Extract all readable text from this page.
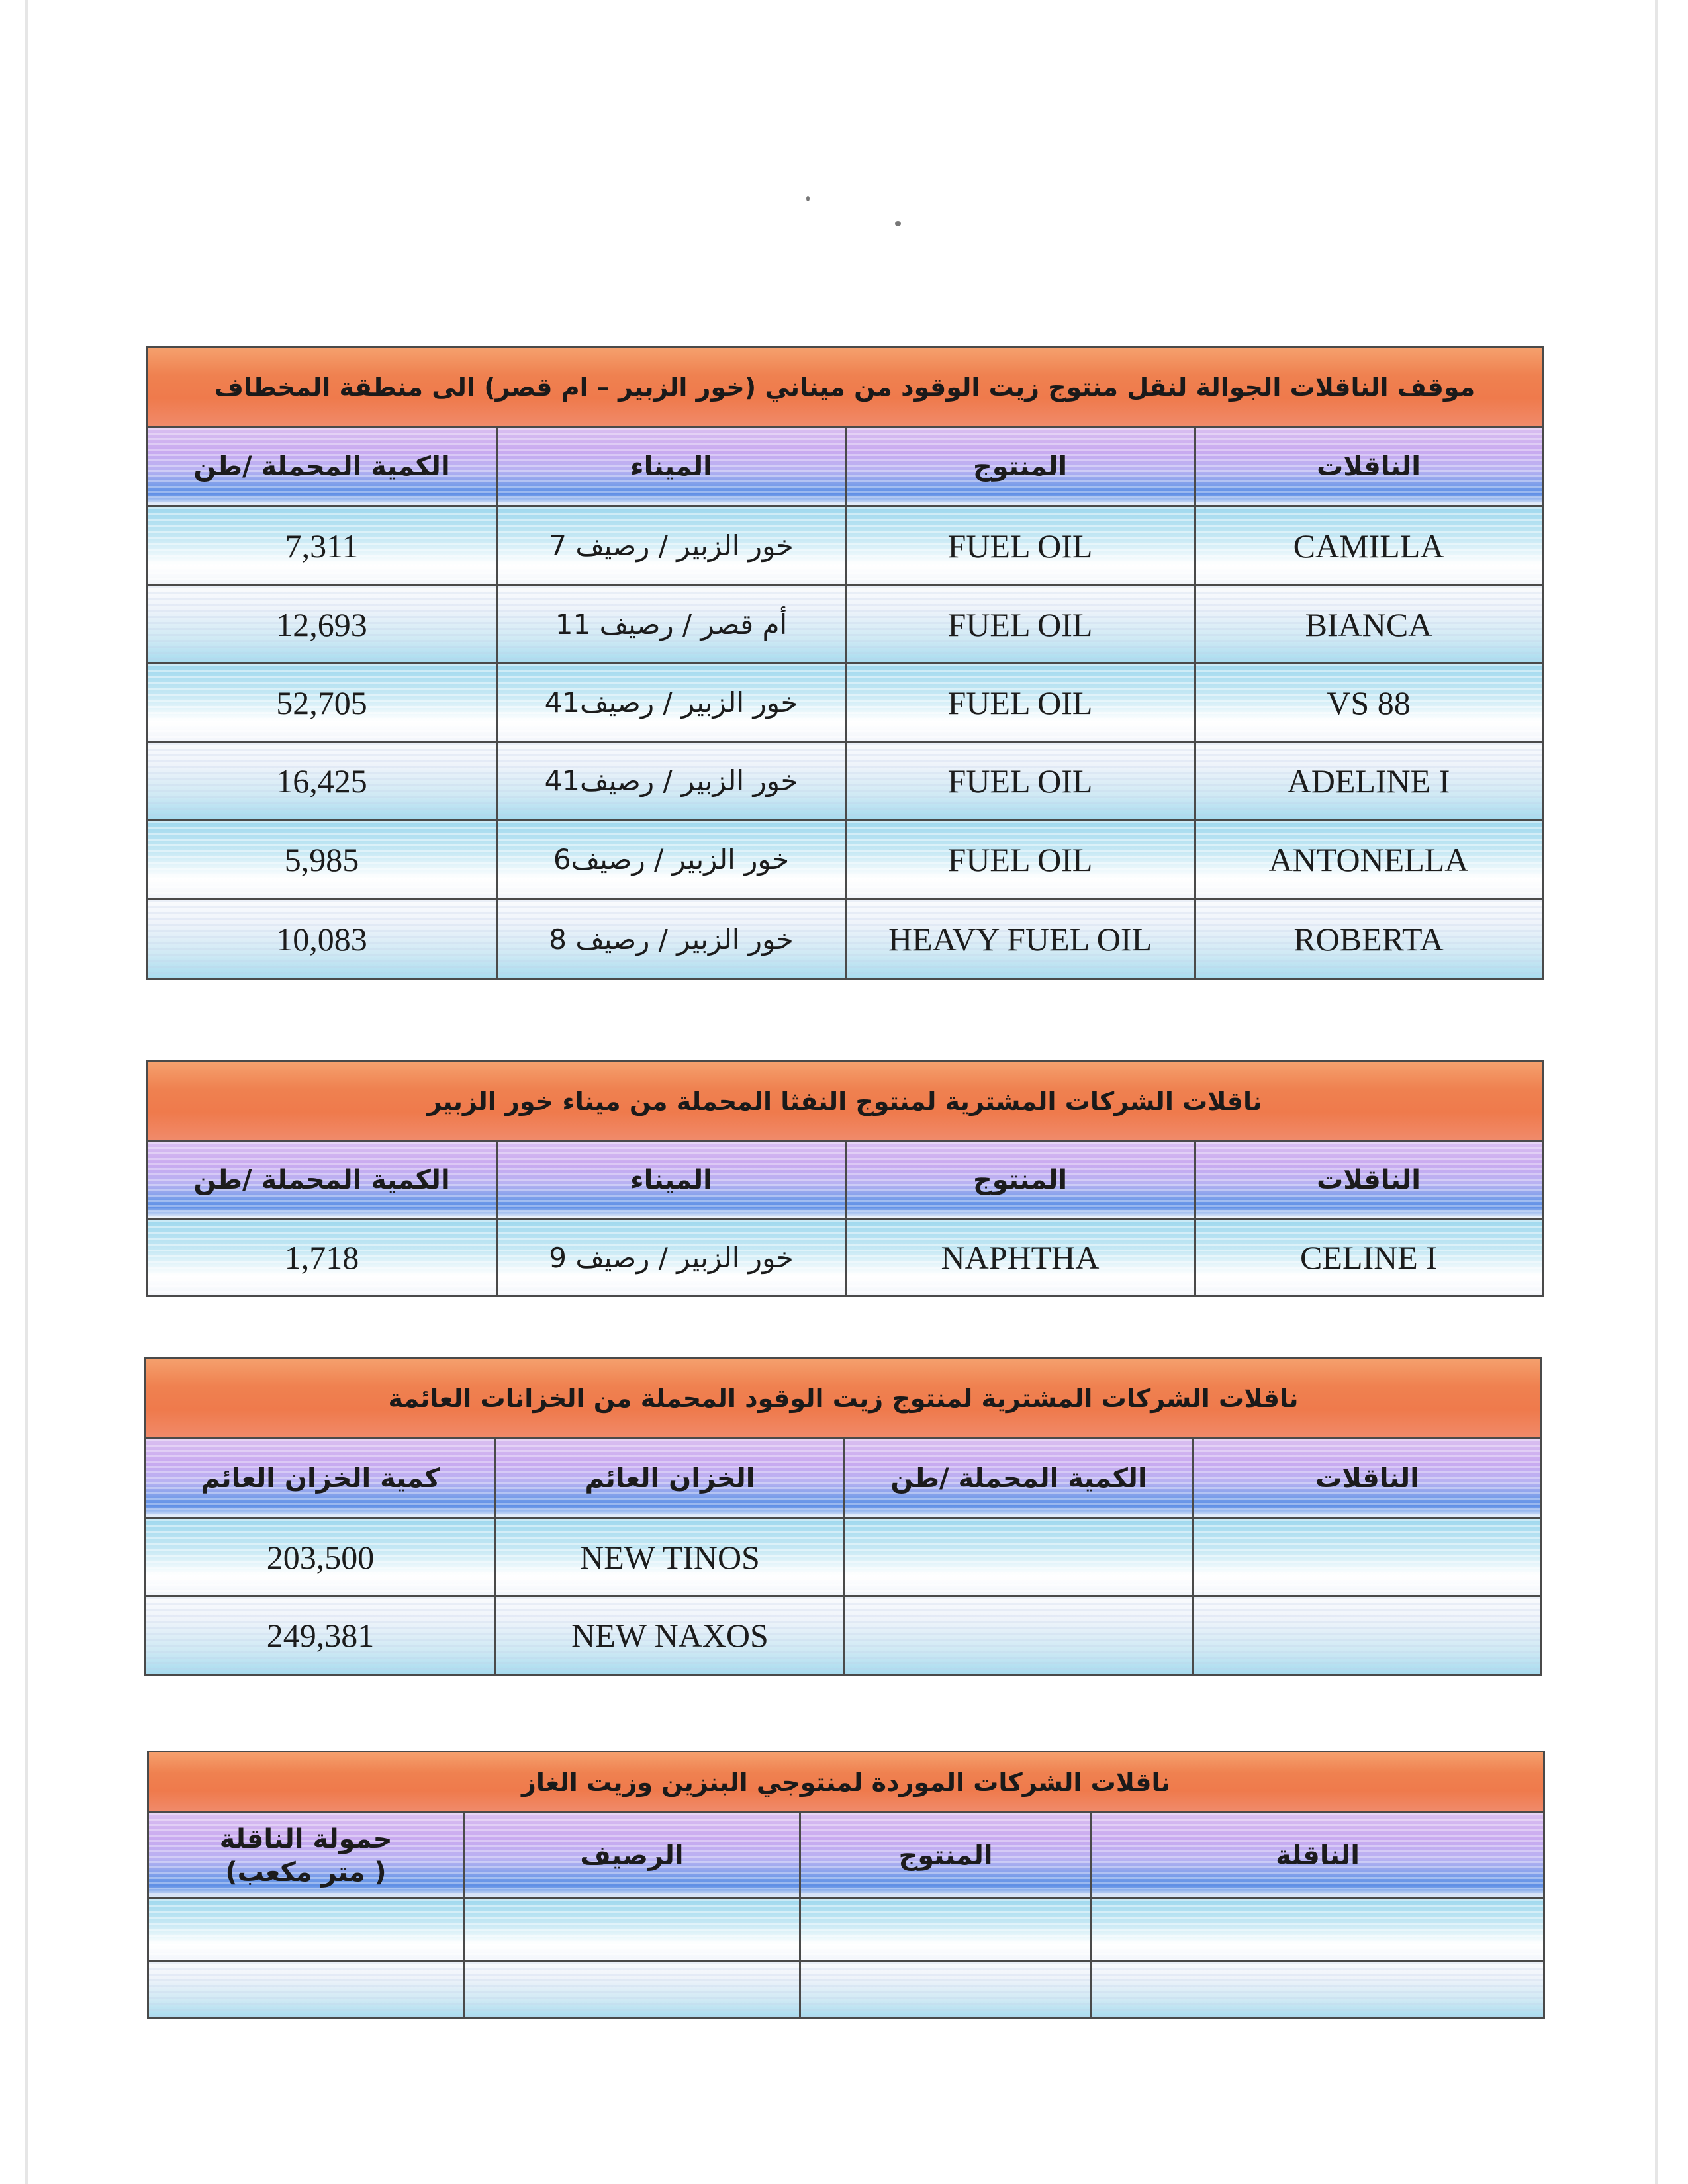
موقف الناقلات الجوالة لنقل منتوج زيت الوقود من ميناني (خور الزبير – ام قصر) الى منطقة المخطاف
الناقلات
المنتوج
الميناء
الكمية المحملة /طن
CAMILLA
FUEL OIL
خور الزبير / رصيف 7
7,311
BIANCA
FUEL OIL
أم قصر / رصيف 11
12,693
VS 88
FUEL OIL
خور الزبير / رصيف41
52,705
ADELINE I
FUEL OIL
خور الزبير / رصيف41
16,425
ANTONELLA
FUEL OIL
خور الزبير / رصيف6
5,985
ROBERTA
HEAVY FUEL OIL
خور الزبير / رصيف 8
10,083
ناقلات الشركات المشترية لمنتوج النفثا المحملة من ميناء خور الزبير
الناقلات
المنتوج
الميناء
الكمية المحملة /طن
CELINE I
NAPHTHA
خور الزبير / رصيف 9
1,718
ناقلات الشركات المشترية لمنتوج زيت الوقود المحملة من الخزانات العائمة
الناقلات
الكمية المحملة /طن
الخزان العائم
كمية الخزان العائم
NEW TINOS
203,500
NEW NAXOS
249,381
ناقلات الشركات الموردة لمنتوجي البنزين وزيت الغاز
الناقلة
المنتوج
الرصيف
حمولة الناقلة
( متر مكعب)
